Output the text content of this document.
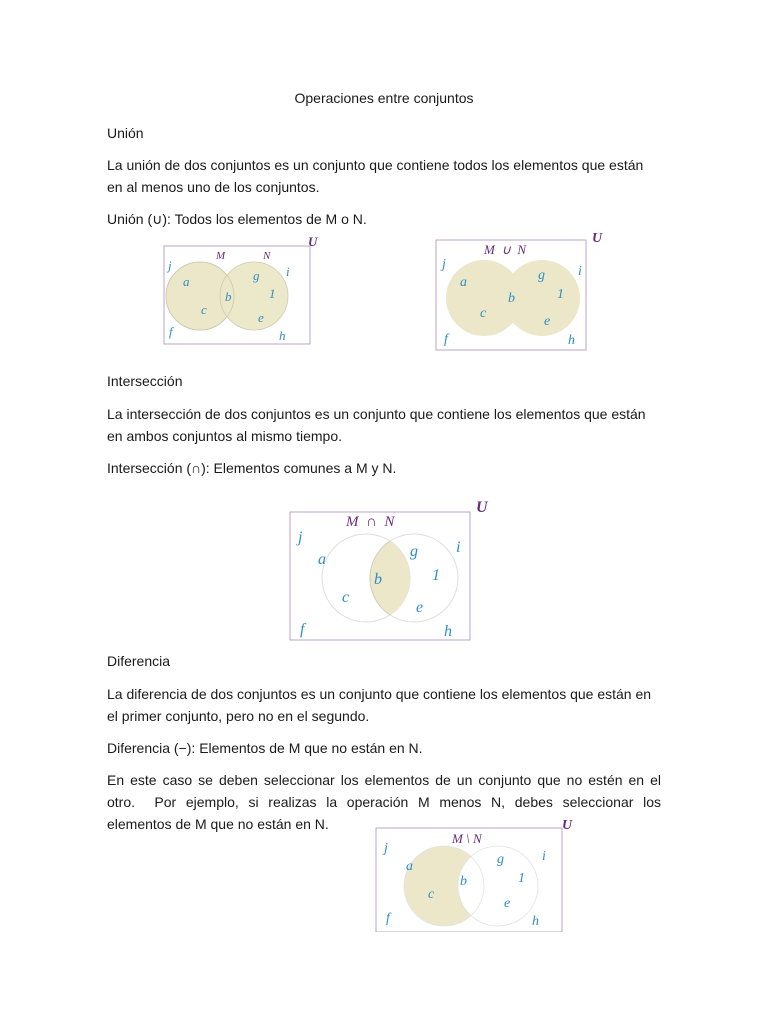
Operaciones entre conjuntos

Unión

La unión de dos conjuntos es un conjunto que contiene todos los elementos que están en al menos uno de los conjuntos.

Unión (∪): Todos los elementos de M o N.

U
M	N
j	i
f	h
a
c
b
g
1
e
U
M  ∪  N
j	i
f	h
a
c
b
g
1
e

Intersección

La intersección de dos conjuntos es un conjunto que contiene los elementos que están en ambos conjuntos al mismo tiempo.

Intersección (∩): Elementos comunes a M y N.

U
M  ∩  N
j
i
f	h
a
c
b
g
1
e

Diferencia

La diferencia de dos conjuntos es un conjunto que contiene los elementos que están en el primer conjunto, pero no en el segundo.

Diferencia (−): Elementos de M que no están en N.

En este caso se deben seleccionar los elementos de un conjunto que no estén en el

otro.  Por ejemplo, si realizas la operación M menos N, debes seleccionar los

elementos de M que no están en N.	U
M \ N
j
i
f	h
a
c
b
g
1
e
